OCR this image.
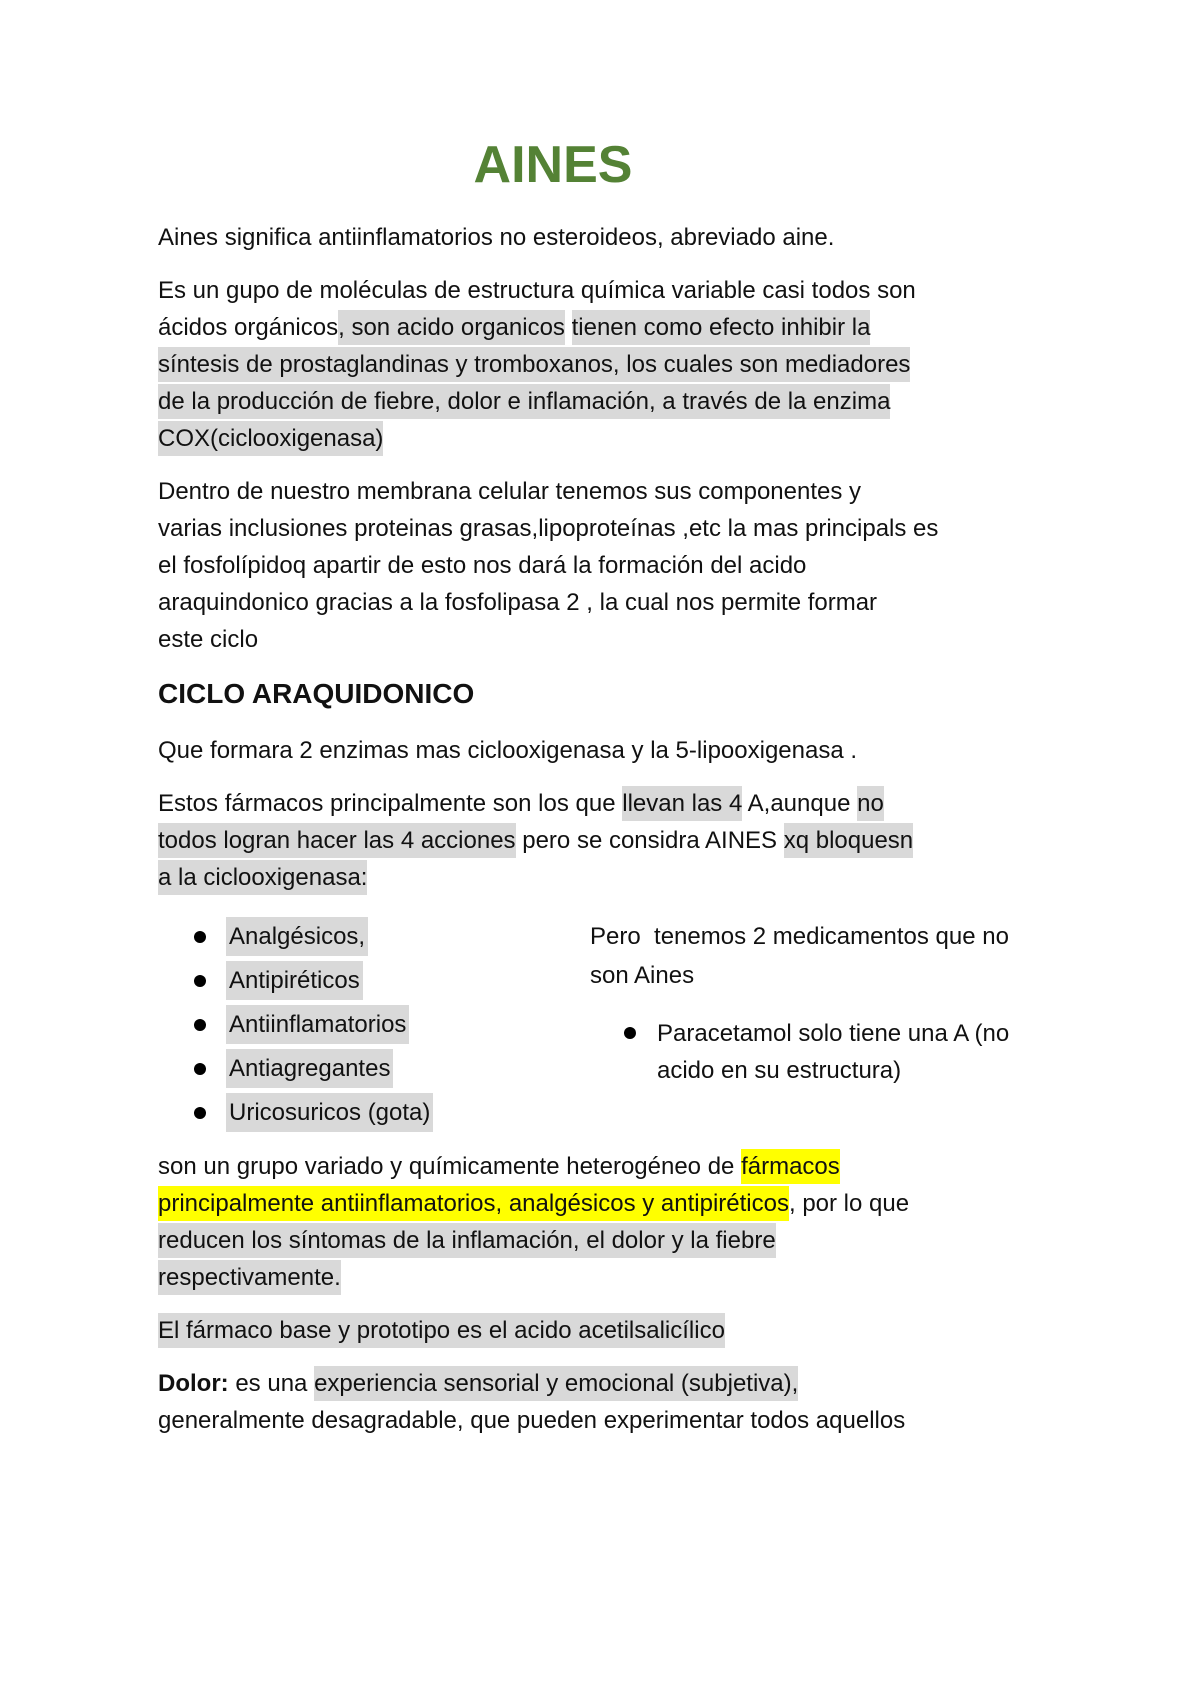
AINES
Aines significa antiinflamatorios no esteroideos, abreviado aine.
Es un gupo de moléculas de estructura química variable casi todos son
ácidos orgánicos, son acido organicos tienen como efecto inhibir la
síntesis de prostaglandinas y tromboxanos, los cuales son mediadores
de la producción de fiebre, dolor e inflamación, a través de la enzima
COX(ciclooxigenasa)
Dentro de nuestro membrana celular tenemos sus componentes y
varias inclusiones proteinas grasas,lipoproteínas ,etc la mas principals es
el fosfolípidoq apartir de esto nos dará la formación del acido
araquindonico gracias a la fosfolipasa 2 , la cual nos permite formar
este ciclo
CICLO ARAQUIDONICO
Que formara 2 enzimas mas ciclooxigenasa y la 5-lipooxigenasa .
Estos fármacos principalmente son los que llevan las 4 A,aunque no
todos logran hacer las 4 acciones pero se considra AINES xq bloquesn
a la ciclooxigenasa:
Analgésicos,
Antipiréticos
Antiinflamatorios
Antiagregantes
Uricosuricos (gota)
Pero  tenemos 2 medicamentos que no
son Aines
Paracetamol solo tiene una A (no
acido en su estructura)
son un grupo variado y químicamente heterogéneo de fármacos
principalmente antiinflamatorios, analgésicos y antipiréticos, por lo que
reducen los síntomas de la inflamación, el dolor y la fiebre
respectivamente.
El fármaco base y prototipo es el acido acetilsalicílico
Dolor: es una experiencia sensorial y emocional (subjetiva),
generalmente desagradable, que pueden experimentar todos aquellos
